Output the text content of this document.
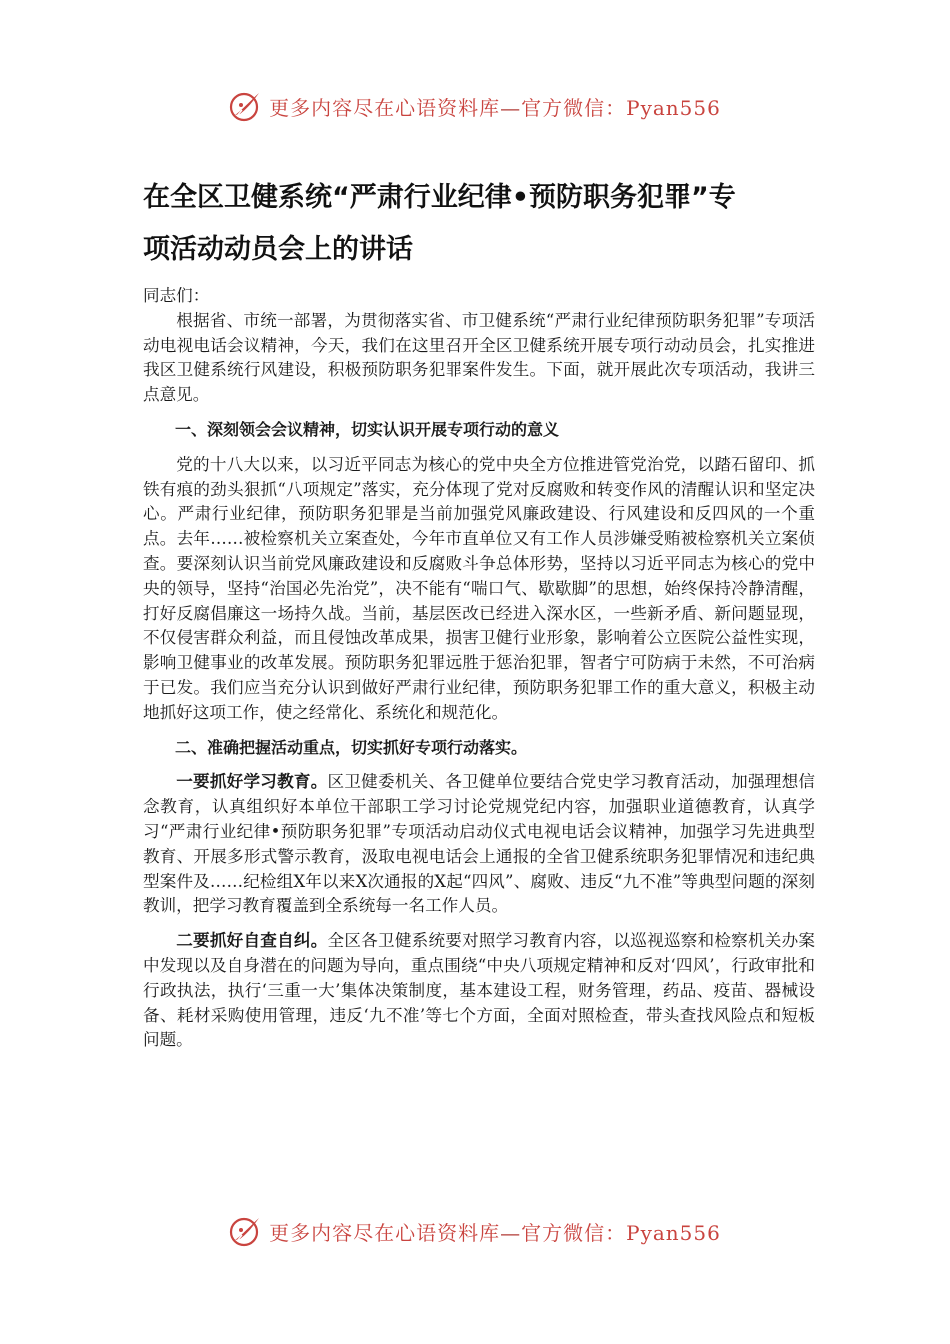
更多内容尽在心语资料库—官方微信：Pyan556
在全区卫健系统“严肃行业纪律•预防职务犯罪”专
项活动动员会上的讲话

同志们：

根据省、市统一部署，为贯彻落实省、市卫健系统“严肃行业纪律预防职务犯罪”专项活动电视电话会议精神，今天，我们在这里召开全区卫健系统开展专项行动动员会，扎实推进我区卫健系统行风建设，积极预防职务犯罪案件发生。下面，就开展此次专项活动，我讲三点意见。

一、深刻领会会议精神，切实认识开展专项行动的意义

党的十八大以来，以习近平同志为核心的党中央全方位推进管党治党，以踏石留印、抓铁有痕的劲头狠抓“八项规定”落实，充分体现了党对反腐败和转变作风的清醒认识和坚定决心。严肃行业纪律，预防职务犯罪是当前加强党风廉政建设、行风建设和反四风的一个重点。去年……被检察机关立案查处，今年市直单位又有工作人员涉嫌受贿被检察机关立案侦查。要深刻认识当前党风廉政建设和反腐败斗争总体形势，坚持以习近平同志为核心的党中央的领导，坚持“治国必先治党”，决不能有“喘口气、歇歇脚”的思想，始终保持冷静清醒，打好反腐倡廉这一场持久战。当前，基层医改已经进入深水区，一些新矛盾、新问题显现，不仅侵害群众利益，而且侵蚀改革成果，损害卫健行业形象，影响着公立医院公益性实现，影响卫健事业的改革发展。预防职务犯罪远胜于惩治犯罪，智者宁可防病于未然，不可治病于已发。我们应当充分认识到做好严肃行业纪律，预防职务犯罪工作的重大意义，积极主动地抓好这项工作，使之经常化、系统化和规范化。

二、准确把握活动重点，切实抓好专项行动落实。

一要抓好学习教育。区卫健委机关、各卫健单位要结合党史学习教育活动，加强理想信念教育，认真组织好本单位干部职工学习讨论党规党纪内容，加强职业道德教育，认真学习“严肃行业纪律•预防职务犯罪”专项活动启动仪式电视电话会议精神，加强学习先进典型教育、开展多形式警示教育，汲取电视电话会上通报的全省卫健系统职务犯罪情况和违纪典型案件及……纪检组X年以来X次通报的X起“四风”、腐败、违反“九不准”等典型问题的深刻教训，把学习教育覆盖到全系统每一名工作人员。

二要抓好自查自纠。全区各卫健系统要对照学习教育内容，以巡视巡察和检察机关办案中发现以及自身潜在的问题为导向，重点围绕“中央八项规定精神和反对‘四风’，行政审批和行政执法，执行‘三重一大’集体决策制度，基本建设工程，财务管理，药品、疫苗、器械设备、耗材采购使用管理，违反‘九不准’等七个方面，全面对照检查，带头查找风险点和短板问题。

更多内容尽在心语资料库—官方微信：Pyan556
